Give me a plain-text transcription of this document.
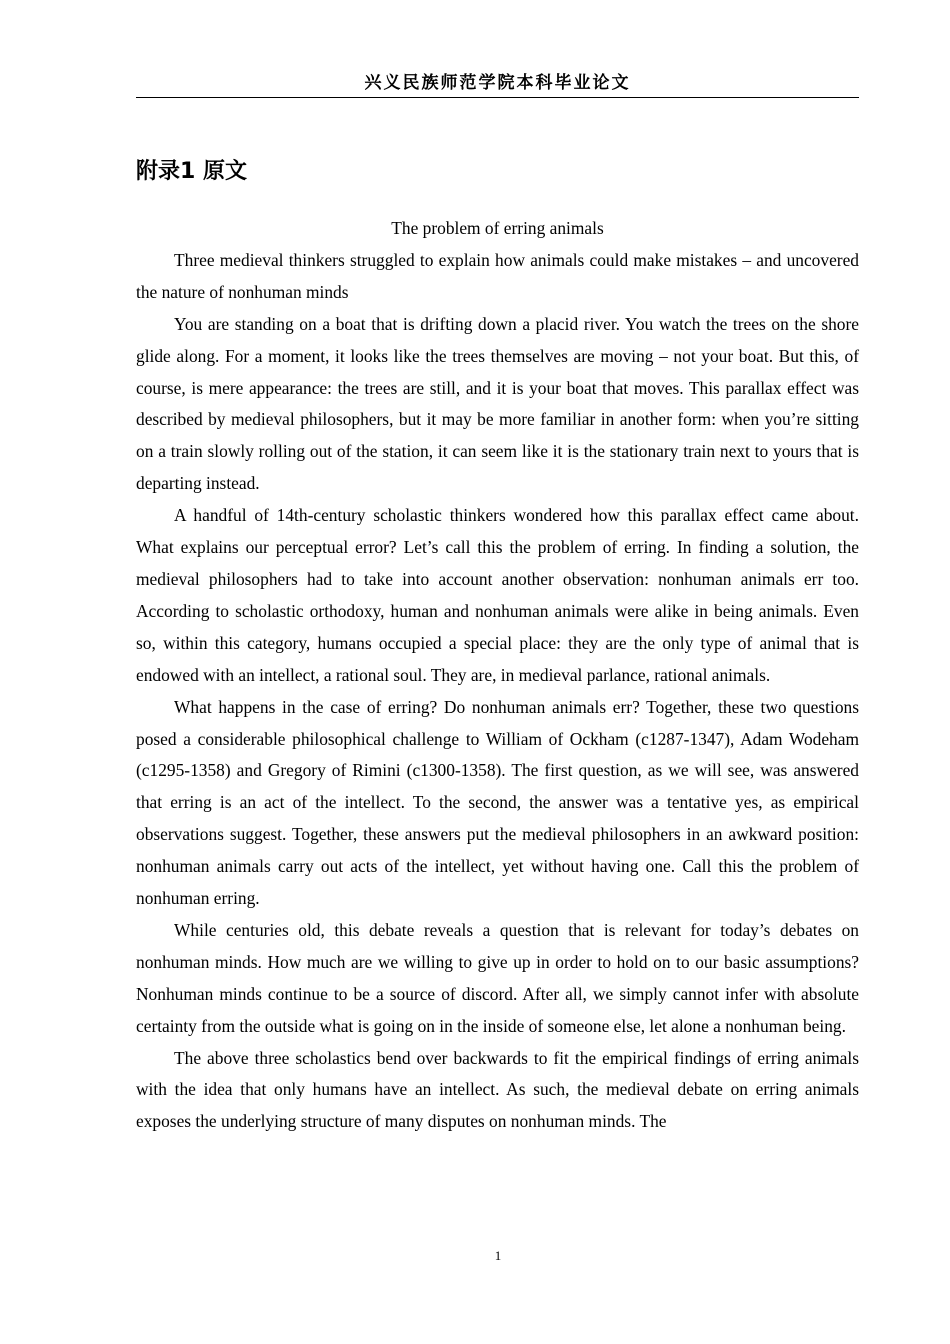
兴义民族师范学院本科毕业论文
附录1 原文

The problem of erring animals

Three medieval thinkers struggled to explain how animals could make mistakes – and uncovered the nature of nonhuman minds

You are standing on a boat that is drifting down a placid river. You watch the trees on the shore glide along. For a moment, it looks like the trees themselves are moving – not your boat. But this, of course, is mere appearance: the trees are still, and it is your boat that moves. This parallax effect was described by medieval philosophers, but it may be more familiar in another form: when you’re sitting on a train slowly rolling out of the station, it can seem like it is the stationary train next to yours that is departing instead.

A handful of 14th-century scholastic thinkers wondered how this parallax effect came about. What explains our perceptual error? Let’s call this the problem of erring. In finding a solution, the medieval philosophers had to take into account another observation: nonhuman animals err too. According to scholastic orthodoxy, human and nonhuman animals were alike in being animals. Even so, within this category, humans occupied a special place: they are the only type of animal that is endowed with an intellect, a rational soul. They are, in medieval parlance, rational animals.

What happens in the case of erring? Do nonhuman animals err? Together, these two questions posed a considerable philosophical challenge to William of Ockham (c1287-1347), Adam Wodeham (c1295-1358) and Gregory of Rimini (c1300-1358). The first question, as we will see, was answered that erring is an act of the intellect. To the second, the answer was a tentative yes, as empirical observations suggest. Together, these answers put the medieval philosophers in an awkward position: nonhuman animals carry out acts of the intellect, yet without having one. Call this the problem of nonhuman erring.

While centuries old, this debate reveals a question that is relevant for today’s debates on nonhuman minds. How much are we willing to give up in order to hold on to our basic assumptions? Nonhuman minds continue to be a source of discord. After all, we simply cannot infer with absolute certainty from the outside what is going on in the inside of someone else, let alone a nonhuman being.

The above three scholastics bend over backwards to fit the empirical findings of erring animals with the idea that only humans have an intellect. As such, the medieval debate on erring animals exposes the underlying structure of many disputes on nonhuman minds. The

1
